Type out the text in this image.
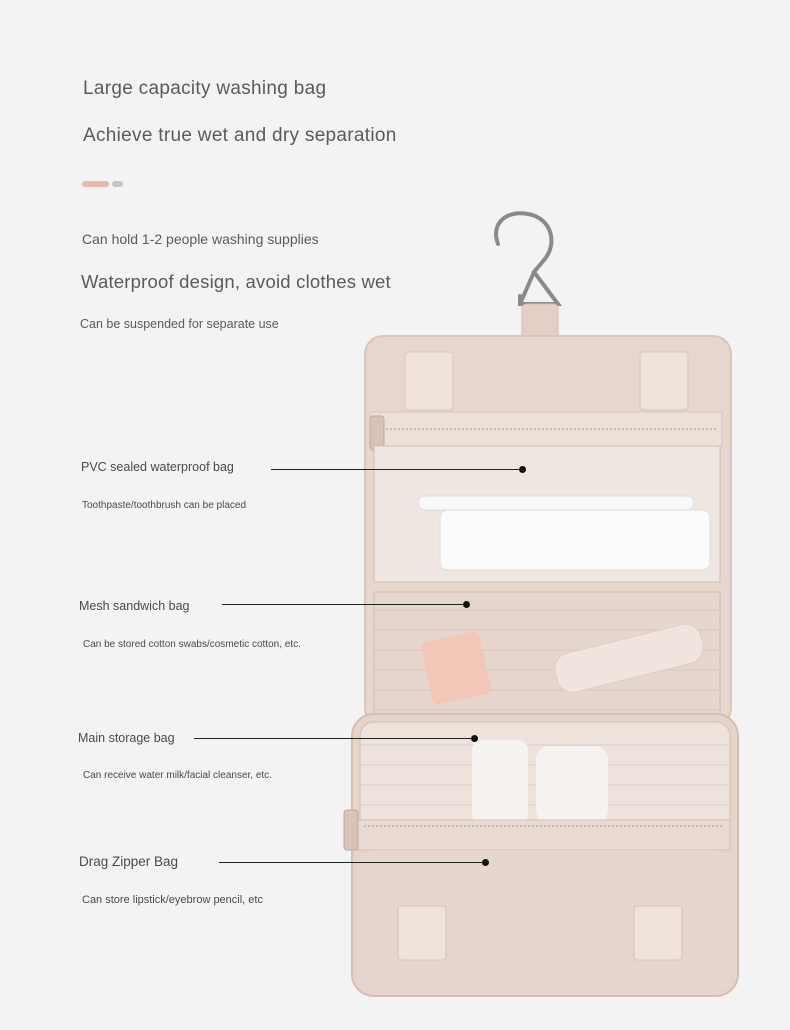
Large capacity washing bag
Achieve true wet and dry separation
Can hold 1-2 people washing supplies
Waterproof design, avoid clothes wet
Can be suspended for separate use
PVC sealed waterproof bag
Toothpaste/toothbrush can be placed
Mesh sandwich bag
Can be stored cotton swabs/cosmetic cotton, etc.
Main storage bag
Can receive water milk/facial cleanser, etc.
Drag Zipper Bag
Can store lipstick/eyebrow pencil, etc
